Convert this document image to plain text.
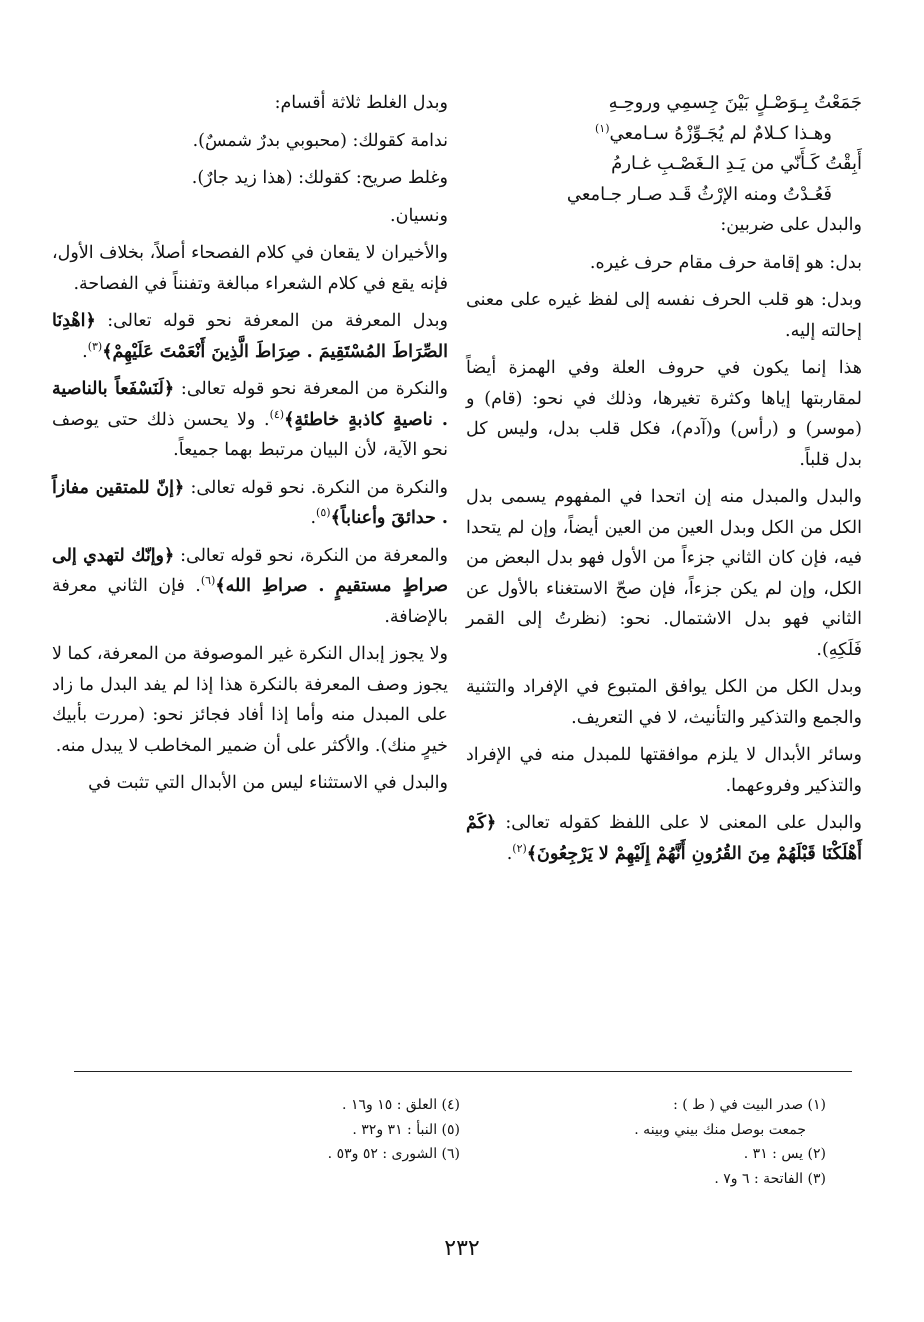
جَمَعْتُ بِـوَصْـلٍ بَيْنَ جِسمِي وروحِـهِ

وهـذا كـلامٌ لم يُجَـوِّزْهُ سـامعي$^{(١)}$

أَبِقْتُ كَـأَنّي من يَـدِ الـغَصْـبِ غـارمُ

فَعُـدْتُ ومنه الإرْثُ قَـد صـار جـامعي

والبدل على ضربين:

بدل: هو إقامة حرف مقام حرف غيره.

وبدل: هو قلب الحرف نفسه إلى لفظ غيره على معنى إحالته إليه.

هذا إنما يكون في حروف العلة وفي الهمزة أيضاً لمقاربتها إياها وكثرة تغيرها، وذلك في نحو: (قام) و (موسر) و (رأس) و(آدم)، فكل قلب بدل، وليس كل بدل قلباً.

والبدل والمبدل منه إن اتحدا في المفهوم يسمى بدل الكل من الكل وبدل العين من العين أيضاً، وإن لم يتحدا فيه، فإن كان الثاني جزءاً من الأول فهو بدل البعض من الكل، وإن لم يكن جزءاً، فإن صحّ الاستغناء بالأول عن الثاني فهو بدل الاشتمال. نحو: (نظرتُ إلى القمر فَلَكِهِ).

وبدل الكل من الكل يوافق المتبوع في الإفراد والتثنية والجمع والتذكير والتأنيث، لا في التعريف.

وسائر الأبدال لا يلزم موافقتها للمبدل منه في الإفراد والتذكير وفروعهما.

والبدل على المعنى لا على اللفظ كقوله تعالى: ﴿كَمْ أَهْلَكْنَا قَبْلَهُمْ مِنَ القُرُونِ أَنَّهُمْ إِلَيْهِمْ لا يَرْجِعُونَ﴾$^{(٢)}$.

وبدل الغلط ثلاثة أقسام:

ندامة كقولك: (محبوبي بدرٌ شمسٌ).

وغلط صريح: كقولك: (هذا زيد جارٌ).

ونسيان.

والأخيران لا يقعان في كلام الفصحاء أصلاً، بخلاف الأول، فإنه يقع في كلام الشعراء مبالغة وتفنناً في الفصاحة.

وبدل المعرفة من المعرفة نحو قوله تعالى: ﴿اهْدِنَا الصِّرَاطَ المُسْتَقِيمَ . صِرَاطَ الَّذِينَ أَنْعَمْتَ عَلَيْهِمْ﴾$^{(٣)}$.

والنكرة من المعرفة نحو قوله تعالى: ﴿لَنَسْفَعاً بالناصية . ناصيةٍ كاذبةٍ خاطئةٍ﴾$^{(٤)}$. ولا يحسن ذلك حتى يوصف نحو الآية، لأن البيان مرتبط بهما جميعاً.

والنكرة من النكرة. نحو قوله تعالى: ﴿إنّ للمتقين مفازاً . حدائقَ وأعناباً﴾$^{(٥)}$.

والمعرفة من النكرة، نحو قوله تعالى: ﴿وإنّك لتهدي إلى صراطٍ مستقيمٍ . صراطِ الله﴾$^{(٦)}$. فإن الثاني معرفة بالإضافة.

ولا يجوز إبدال النكرة غير الموصوفة من المعرفة، كما لا يجوز وصف المعرفة بالنكرة هذا إذا لم يفد البدل ما زاد على المبدل منه وأما إذا أفاد فجائز نحو: (مررت بأبيك خيرٍ منك). والأكثر على أن ضمير المخاطب لا يبدل منه.

والبدل في الاستثناء ليس من الأبدال التي تثبت في

(١) صدر البيت في ( ط ) :
جمعت بوصل منك بيني وبينه .
(٢) يس : ٣١ .
(٣) الفاتحة : ٦ و٧ .
(٤) العلق : ١٥ و١٦ .
(٥) النبأ : ٣١ و٣٢ .
(٦) الشورى : ٥٢ و٥٣ .
٢٣٢
